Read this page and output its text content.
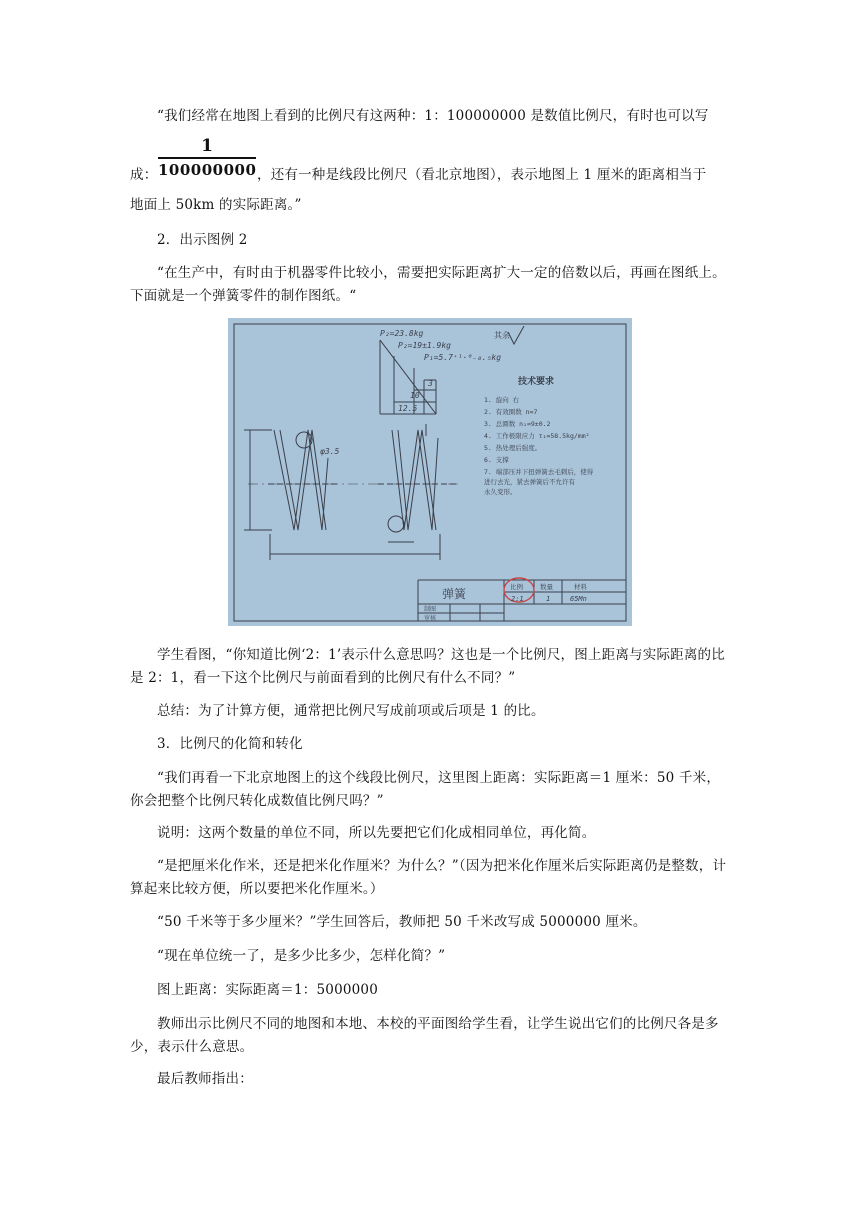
“我们经常在地图上看到的比例尺有这两种：1：100000000 是数值比例尺，有时也可以写

1
100000000

成：	，还有一种是线段比例尺（看北京地图），表示地图上 1 厘米的距离相当于

地面上 50km 的实际距离。”

2．出示图例 2

“在生产中，有时由于机器零件比较小，需要把实际距离扩大一定的倍数以后，再画在图纸上。下面就是一个弹簧零件的制作图纸。“

P₂=23.8kg
P₂=19±1.9kg
P₁=5.7⁺¹·⁰₋₀.₅kg
3
10
12.5
φ3.5
其余
技术要求
1. 旋向 右
2. 有效圈数 n=7
3. 总圈数 n₁=9±0.2
4. 工作极限应力 τ₁=58.5kg/mm²
5. 热处理后强度。
6. 支撑
7. 端部压并下扭弹簧去毛刺后，使得
进行去光，紧去弹簧后不允许有
永久变形。
弹簧	比例	数量	材料
2:1	1	65Mn
制图
审核

学生看图，“你知道比例‘2：1’表示什么意思吗？这也是一个比例尺，图上距离与实际距离的比是 2：1，看一下这个比例尺与前面看到的比例尺有什么不同？”

总结：为了计算方便，通常把比例尺写成前项或后项是 1 的比。

3．比例尺的化简和转化

“我们再看一下北京地图上的这个线段比例尺，这里图上距离：实际距离＝1 厘米：50 千米，你会把整个比例尺转化成数值比例尺吗？”

说明：这两个数量的单位不同，所以先要把它们化成相同单位，再化简。

“是把厘米化作米，还是把米化作厘米？为什么？”（因为把米化作厘米后实际距离仍是整数，计算起来比较方便，所以要把米化作厘米。）

“50 千米等于多少厘米？”学生回答后，教师把 50 千米改写成 5000000 厘米。

“现在单位统一了，是多少比多少，怎样化简？”

图上距离：实际距离＝1：5000000

教师出示比例尺不同的地图和本地、本校的平面图给学生看，让学生说出它们的比例尺各是多少，表示什么意思。

最后教师指出：
